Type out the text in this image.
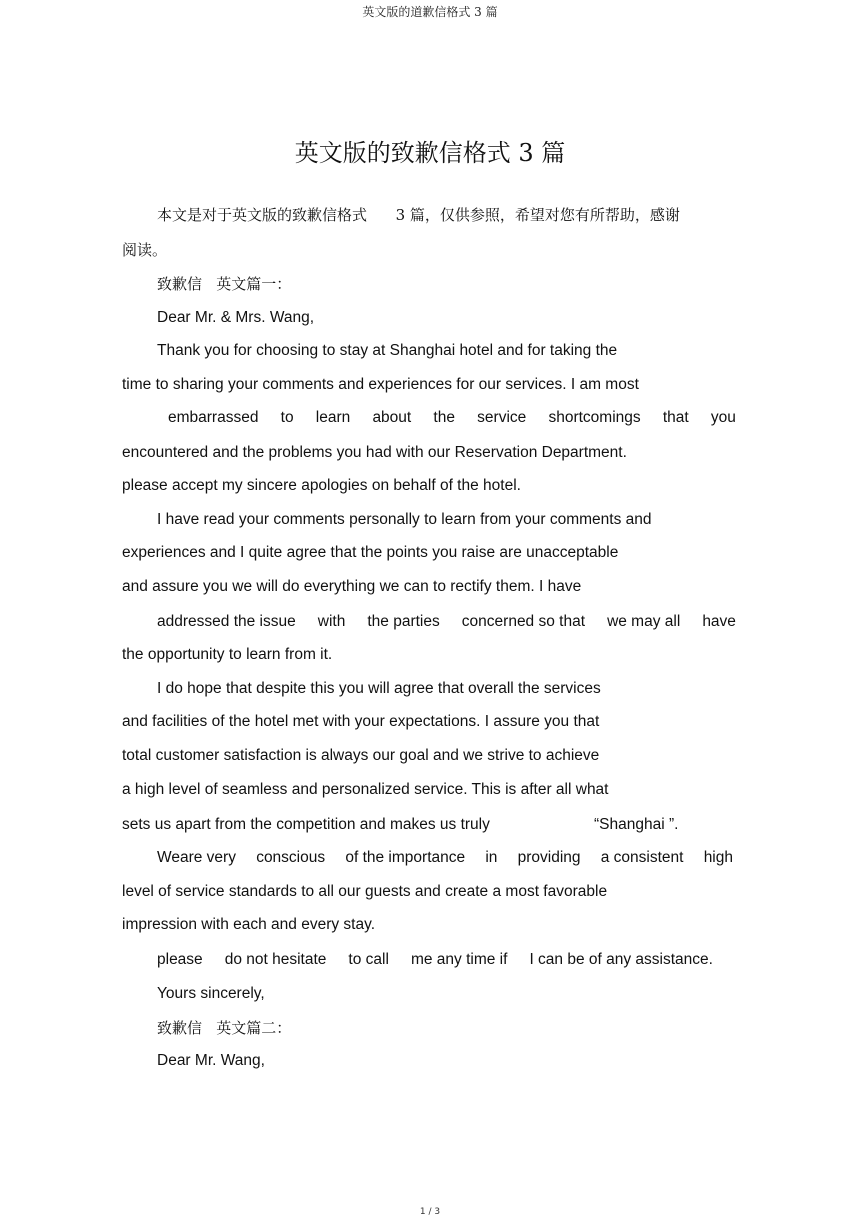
英文版的道歉信格式 3 篇
英文版的致歉信格式 3 篇
本文是对于英文版的致歉信格式      3 篇，仅供参照，希望对您有所帮助，感谢
阅读。
致歉信   英文篇一：
Dear Mr. & Mrs. Wang,
Thank you for choosing to stay at Shanghai hotel and for taking the
time to sharing your comments and experiences for our services. I am most
embarrassed to learn about the service shortcomings that you
encountered and the problems you had with our Reservation Department.
please accept my sincere apologies on behalf of the hotel.
I have read your comments personally to learn from your comments and
experiences and I quite agree that the points you raise are unacceptable
and assure you we will do everything we can to rectify them. I have
addressed the issue with the parties concerned so that we may all have
the opportunity to learn from it.
I do hope that despite this you will agree that overall the services
and facilities of the hotel met with your expectations. I assure you that
total customer satisfaction is always our goal and we strive to achieve
a high level of seamless and personalized service. This is after all what
sets us apart from the competition and makes us truly	“Shanghai ”.
Weare very conscious of the importance in providing a consistent high
level of service standards to all our guests and create a most favorable
impression with each and every stay.
please do not hesitate to call me any time if I can be of any assistance.
Yours sincerely,
致歉信   英文篇二：
Dear Mr. Wang,
1 / 3
